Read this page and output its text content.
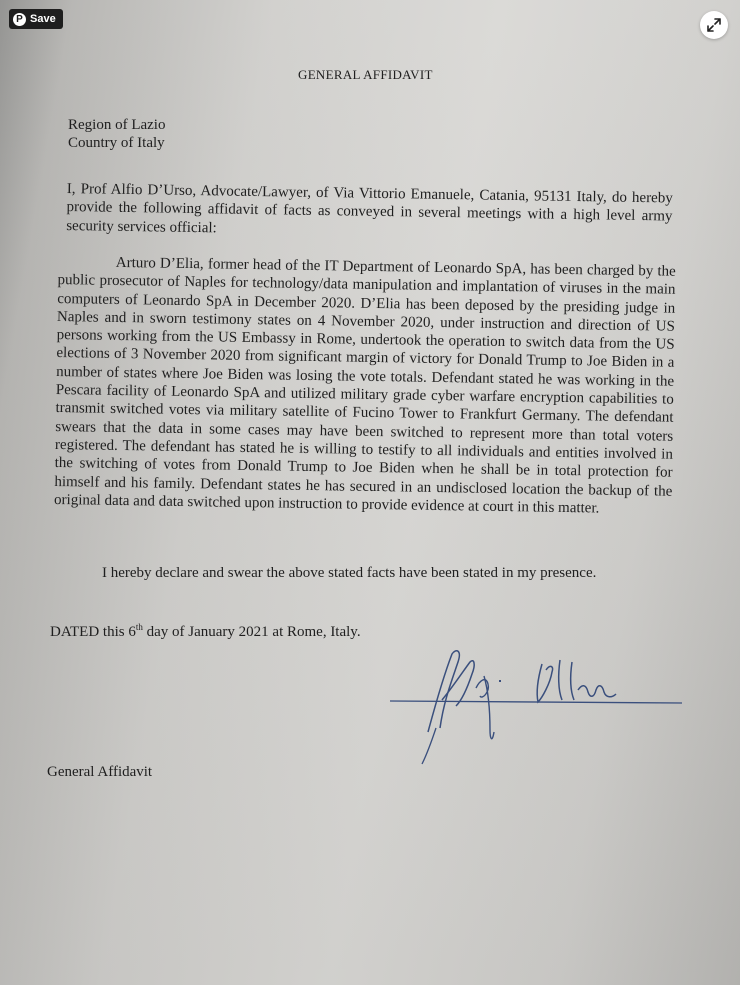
P Save
GENERAL AFFIDAVIT
Region of Lazio
Country of Italy
I, Prof Alfio D’Urso, Advocate/Lawyer, of Via Vittorio Emanuele, Catania, 95131 Italy, do hereby provide the following affidavit of facts as conveyed in several meetings with a high level army security services official:
Arturo D’Elia, former head of the IT Department of Leonardo SpA, has been charged by the public prosecutor of Naples for technology/data manipulation and implantation of viruses in the main computers of Leonardo SpA in December 2020. D’Elia has been deposed by the presiding judge in Naples and in sworn testimony states on 4 November 2020, under instruction and direction of US persons working from the US Embassy in Rome, undertook the operation to switch data from the US elections of 3 November 2020 from significant margin of victory for Donald Trump to Joe Biden in a number of states where Joe Biden was losing the vote totals. Defendant stated he was working in the Pescara facility of Leonardo SpA and utilized military grade cyber warfare encryption capabilities to transmit switched votes via military satellite of Fucino Tower to Frankfurt Germany. The defendant swears that the data in some cases may have been switched to represent more than total voters registered. The defendant has stated he is willing to testify to all individuals and entities involved in the switching of votes from Donald Trump to Joe Biden when he shall be in total protection for himself and his family. Defendant states he has secured in an undisclosed location the backup of the original data and data switched upon instruction to provide evidence at court in this matter.
I hereby declare and swear the above stated facts have been stated in my presence.
DATED this 6th day of January 2021 at Rome, Italy.
General Affidavit
